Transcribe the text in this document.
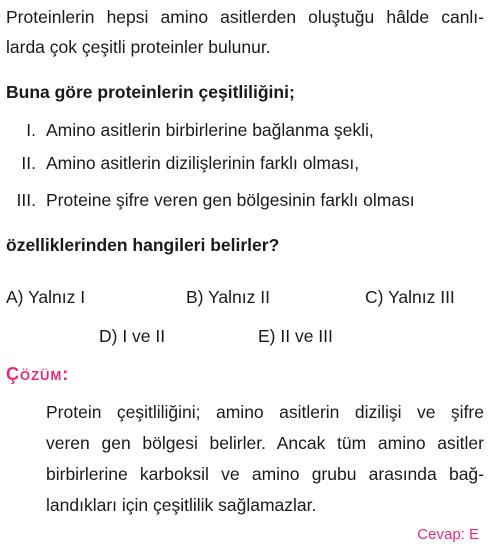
Proteinlerin hepsi amino asitlerden oluştuğu hâlde canlı-
larda çok çeşitli proteinler bulunur.
Buna göre proteinlerin çeşitliliğini;
I. Amino asitlerin birbirlerine bağlanma şekli,
II. Amino asitlerin dizilişlerinin farklı olması,
III. Proteine şifre veren gen bölgesinin farklı olması
özelliklerinden hangileri belirler?
A) Yalnız I	B) Yalnız II	C) Yalnız III
D) I ve II	E) II ve III
Çözüm:
Protein çeşitliliğini; amino asitlerin dizilişi ve şifre
veren gen bölgesi belirler. Ancak tüm amino asitler
birbirlerine karboksil ve amino grubu arasında bağ-
landıkları için çeşitlilik sağlamazlar.
Cevap: E
